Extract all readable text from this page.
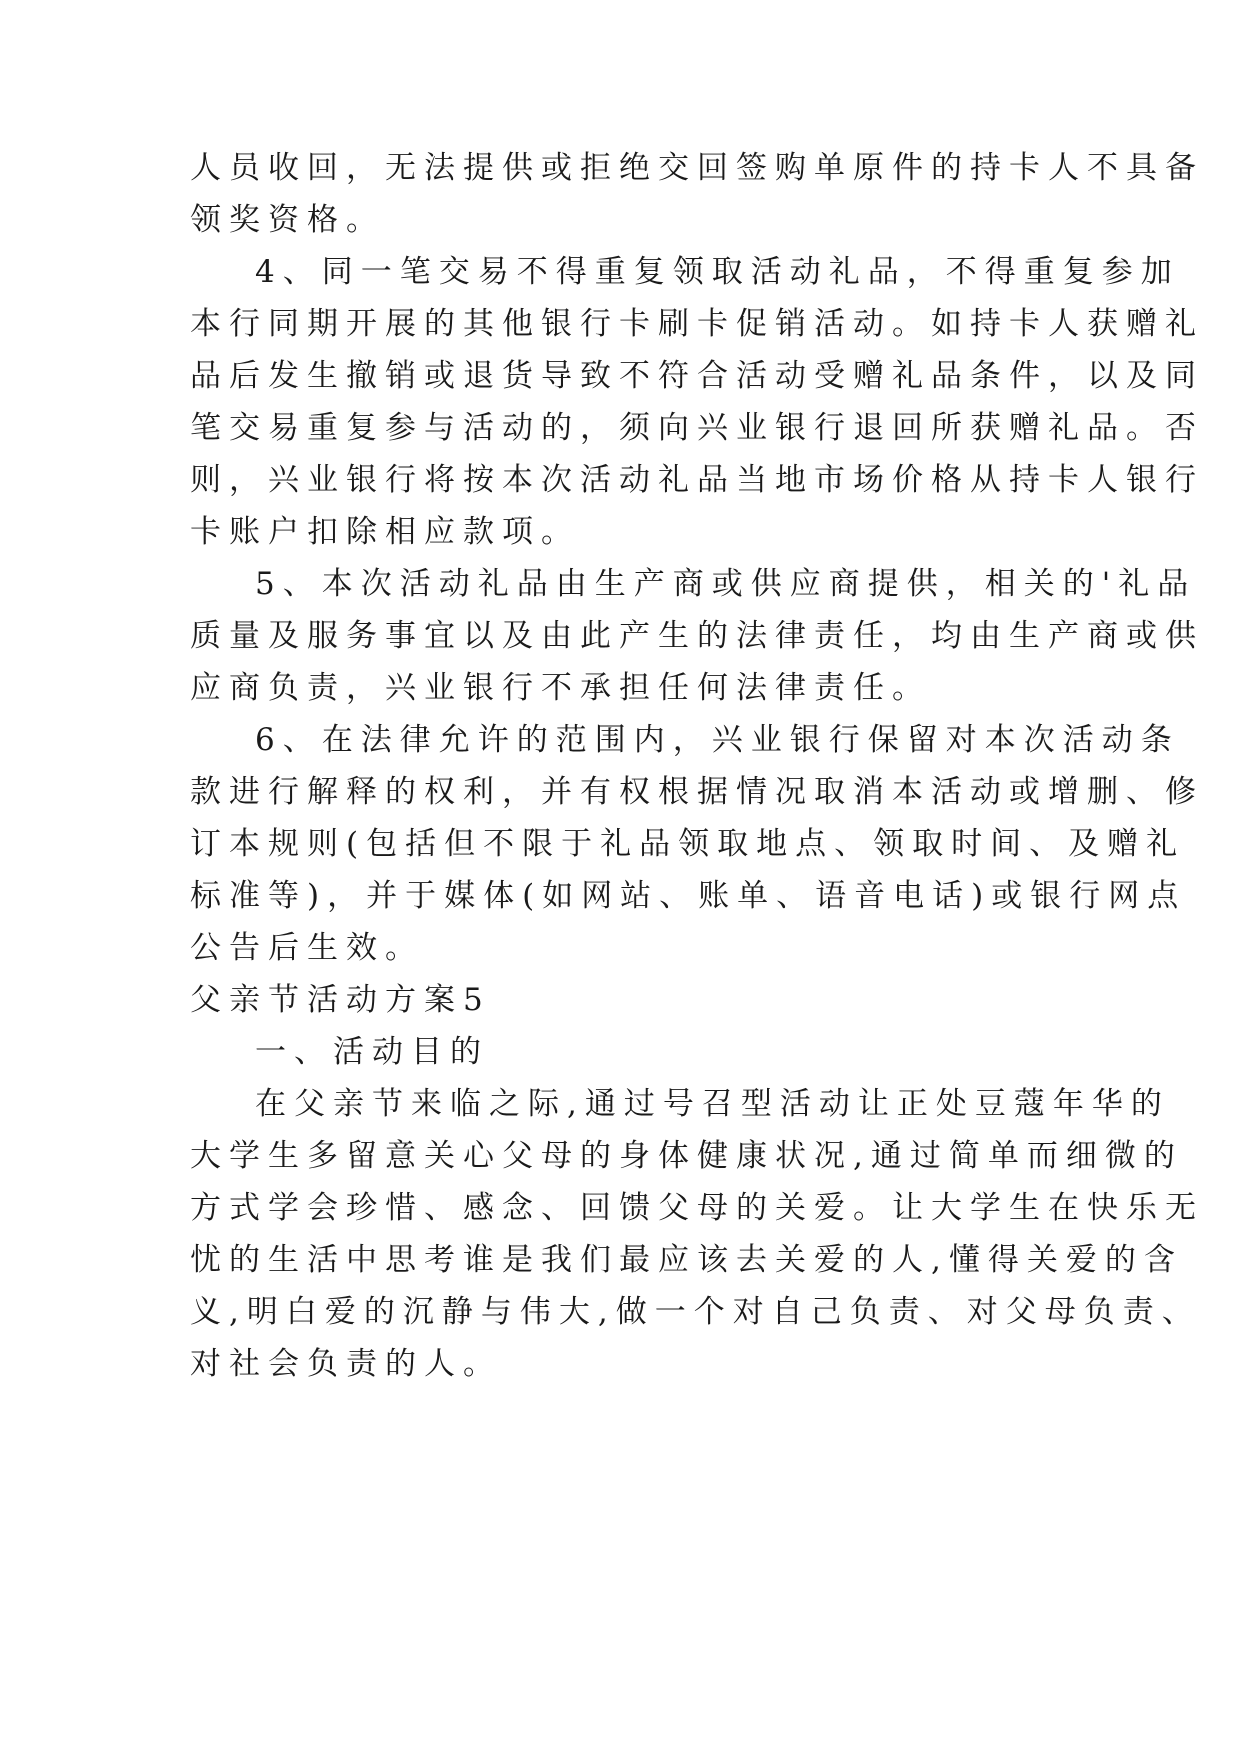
人员收回，无法提供或拒绝交回签购单原件的持卡人不具备
领奖资格。
4、同一笔交易不得重复领取活动礼品，不得重复参加
本行同期开展的其他银行卡刷卡促销活动。如持卡人获赠礼
品后发生撤销或退货导致不符合活动受赠礼品条件，以及同
笔交易重复参与活动的，须向兴业银行退回所获赠礼品。否
则，兴业银行将按本次活动礼品当地市场价格从持卡人银行
卡账户扣除相应款项。
5、本次活动礼品由生产商或供应商提供，相关的'礼品
质量及服务事宜以及由此产生的法律责任，均由生产商或供
应商负责，兴业银行不承担任何法律责任。
6、在法律允许的范围内，兴业银行保留对本次活动条
款进行解释的权利，并有权根据情况取消本活动或增删、修
订本规则(包括但不限于礼品领取地点、领取时间、及赠礼
标准等)，并于媒体(如网站、账单、语音电话)或银行网点
公告后生效。
父亲节活动方案5
一、活动目的
在父亲节来临之际,通过号召型活动让正处豆蔻年华的
大学生多留意关心父母的身体健康状况,通过简单而细微的
方式学会珍惜、感念、回馈父母的关爱。让大学生在快乐无
忧的生活中思考谁是我们最应该去关爱的人,懂得关爱的含
义,明白爱的沉静与伟大,做一个对自己负责、对父母负责、
对社会负责的人。
